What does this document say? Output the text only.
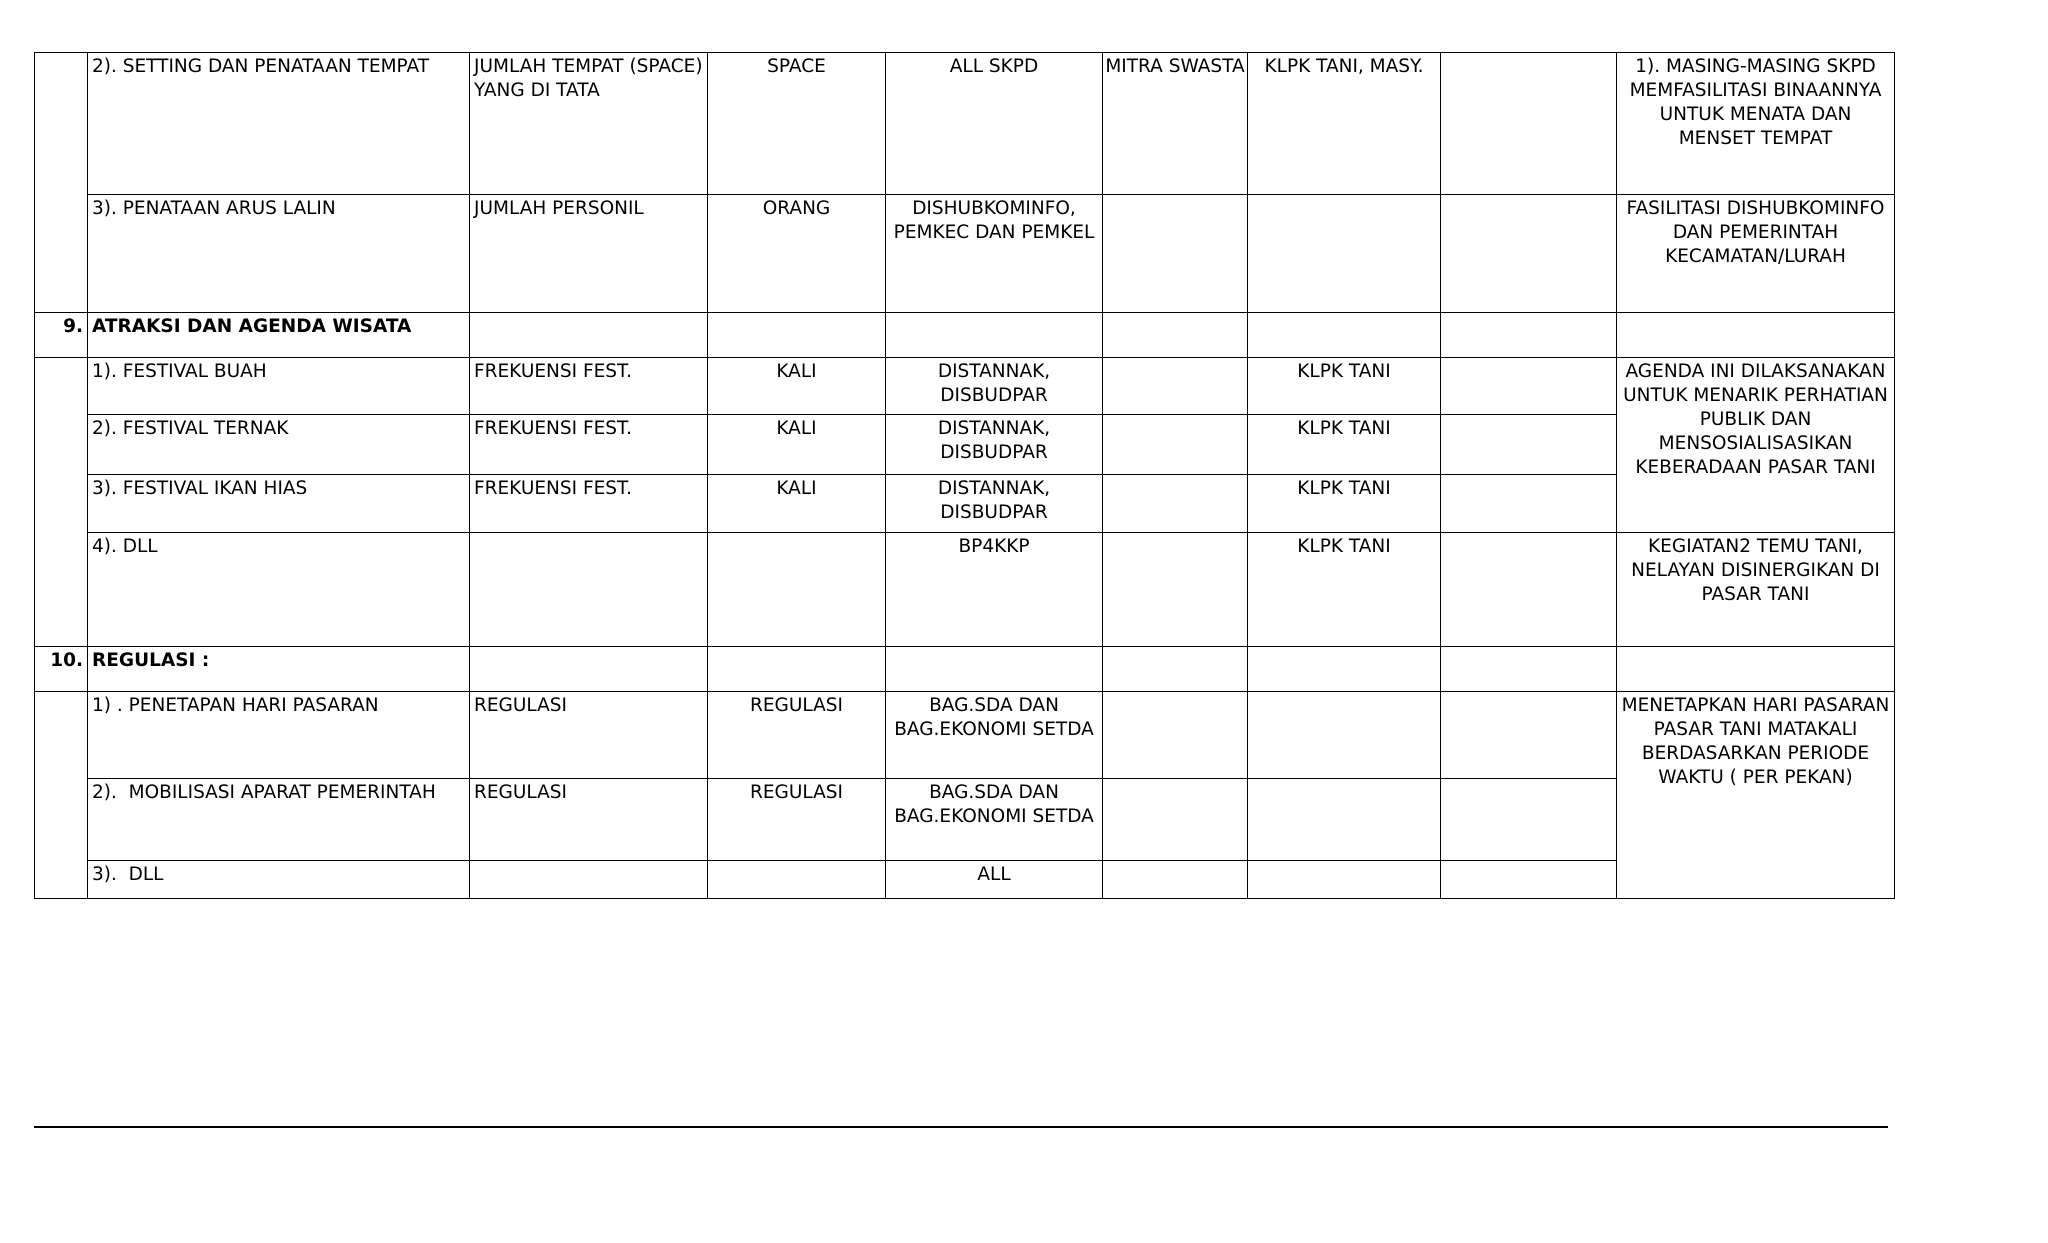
	2). SETTING DAN PENATAAN TEMPAT	JUMLAH TEMPAT (SPACE) YANG DI TATA	SPACE	ALL SKPD	MITRA SWASTA	KLPK TANI, MASY.		1). MASING-MASING SKPD MEMFASILITASI BINAANNYA UNTUK MENATA DAN MENSET TEMPAT
	3). PENATAAN ARUS LALIN	JUMLAH PERSONIL	ORANG	DISHUBKOMINFO, PEMKEC DAN PEMKEL				FASILITASI DISHUBKOMINFO DAN PEMERINTAH KECAMATAN/LURAH
9.	ATRAKSI DAN AGENDA WISATA							
	1). FESTIVAL BUAH	FREKUENSI FEST.	KALI	DISTANNAK, DISBUDPAR		KLPK TANI		AGENDA INI DILAKSANAKAN UNTUK MENARIK PERHATIAN PUBLIK DAN MENSOSIALISASIKAN KEBERADAAN PASAR TANI
	2). FESTIVAL TERNAK	FREKUENSI FEST.	KALI	DISTANNAK, DISBUDPAR		KLPK TANI		
	3). FESTIVAL IKAN HIAS	FREKUENSI FEST.	KALI	DISTANNAK, DISBUDPAR		KLPK TANI		
	4). DLL			BP4KKP		KLPK TANI		KEGIATAN2 TEMU TANI, NELAYAN DISINERGIKAN DI PASAR TANI
10.	REGULASI :							
	1) . PENETAPAN HARI PASARAN	REGULASI	REGULASI	BAG.SDA DAN BAG.EKONOMI SETDA				MENETAPKAN HARI PASARAN PASAR TANI MATAKALI BERDASARKAN PERIODE WAKTU ( PER PEKAN)
	2).  MOBILISASI APARAT PEMERINTAH	REGULASI	REGULASI	BAG.SDA DAN BAG.EKONOMI SETDA				
	3).  DLL			ALL				
